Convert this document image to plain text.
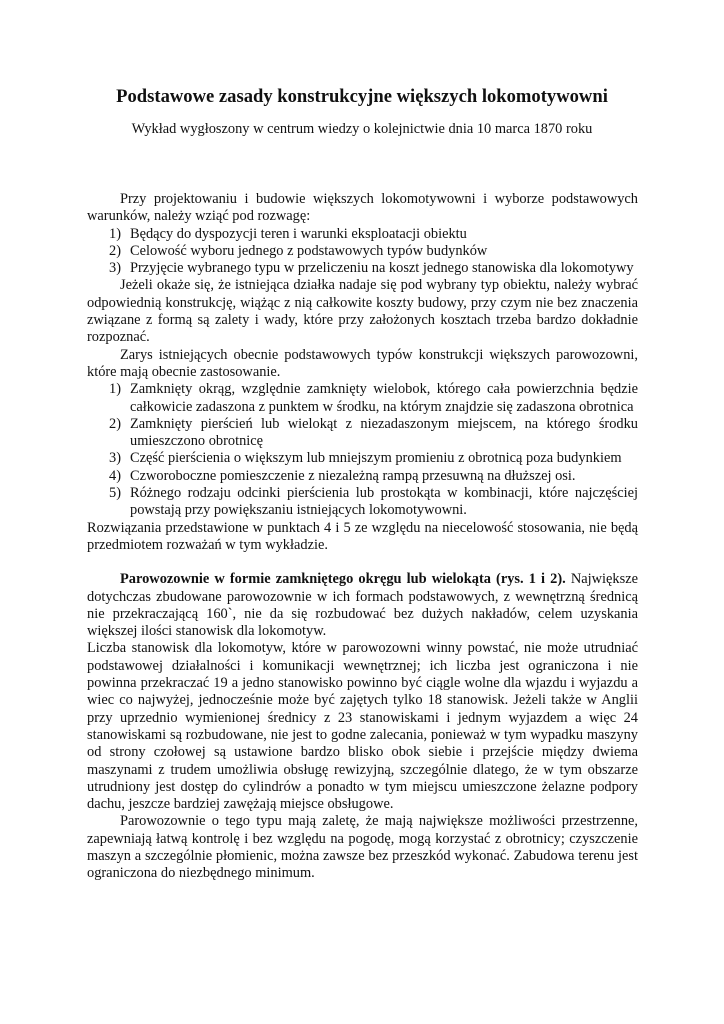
Podstawowe zasady konstrukcyjne większych lokomotywowni
Wykład wygłoszony w centrum wiedzy o kolejnictwie dnia 10 marca 1870 roku

Przy projektowaniu i budowie większych lokomotywowni i wyborze podstawowych warunków, należy wziąć pod rozwagę:

1) Będący do dyspozycji teren i warunki eksploatacji obiektu
2) Celowość wyboru jednego z podstawowych typów budynków
3) Przyjęcie wybranego typu w przeliczeniu na koszt jednego stanowiska dla lokomotywy

Jeżeli okaże się, że istniejąca działka nadaje się pod wybrany typ obiektu, należy wybrać odpowiednią konstrukcję, wiążąc z nią całkowite koszty budowy, przy czym nie bez znaczenia związane z formą są zalety i wady, które przy założonych kosztach trzeba bardzo dokładnie rozpoznać.

Zarys istniejących obecnie podstawowych typów konstrukcji większych parowozowni, które mają obecnie zastosowanie.

1) Zamknięty okrąg, względnie zamknięty wielobok, którego cała powierzchnia będzie całkowicie zadaszona z punktem w środku, na którym znajdzie się zadaszona obrotnica
2) Zamknięty pierścień lub wielokąt z niezadaszonym miejscem, na którego środku umieszczono obrotnicę
3) Część pierścienia o większym lub mniejszym promieniu z obrotnicą poza budynkiem
4) Czworoboczne pomieszczenie z niezależną rampą przesuwną na dłuższej osi.
5) Różnego rodzaju odcinki pierścienia lub prostokąta w kombinacji, które najczęściej powstają przy powiększaniu istniejących lokomotywowni.

Rozwiązania przedstawione w punktach 4 i 5 ze względu na niecelowość stosowania, nie będą przedmiotem rozważań w tym wykładzie.

Parowozownie w formie zamkniętego okręgu lub wielokąta (rys. 1 i 2). Największe dotychczas zbudowane parowozownie w ich formach podstawowych, z wewnętrzną średnicą nie przekraczającą 160`, nie da się rozbudować bez dużych nakładów, celem uzyskania większej ilości stanowisk dla lokomotyw.

Liczba stanowisk dla lokomotyw, które w parowozowni winny powstać, nie może utrudniać podstawowej działalności i komunikacji wewnętrznej; ich liczba jest ograniczona i nie powinna przekraczać 19 a jedno stanowisko powinno być ciągle wolne dla wjazdu i wyjazdu a wiec co najwyżej, jednocześnie może być zajętych tylko 18 stanowisk. Jeżeli także w Anglii przy uprzednio wymienionej średnicy z 23 stanowiskami i jednym wyjazdem a więc 24 stanowiskami są rozbudowane, nie jest to godne zalecania, ponieważ w tym wypadku maszyny od strony czołowej są ustawione bardzo blisko obok siebie i przejście między dwiema maszynami z trudem umożliwia obsługę rewizyjną, szczególnie dlatego, że w tym obszarze utrudniony jest dostęp do cylindrów a ponadto w tym miejscu umieszczone żelazne podpory dachu, jeszcze bardziej zawężają miejsce obsługowe.

Parowozownie o tego typu mają zaletę, że mają największe możliwości przestrzenne, zapewniają łatwą kontrolę i bez względu na pogodę, mogą korzystać z obrotnicy; czyszczenie maszyn a szczególnie płomienic, można zawsze bez przeszkód wykonać. Zabudowa terenu jest ograniczona do niezbędnego minimum.
